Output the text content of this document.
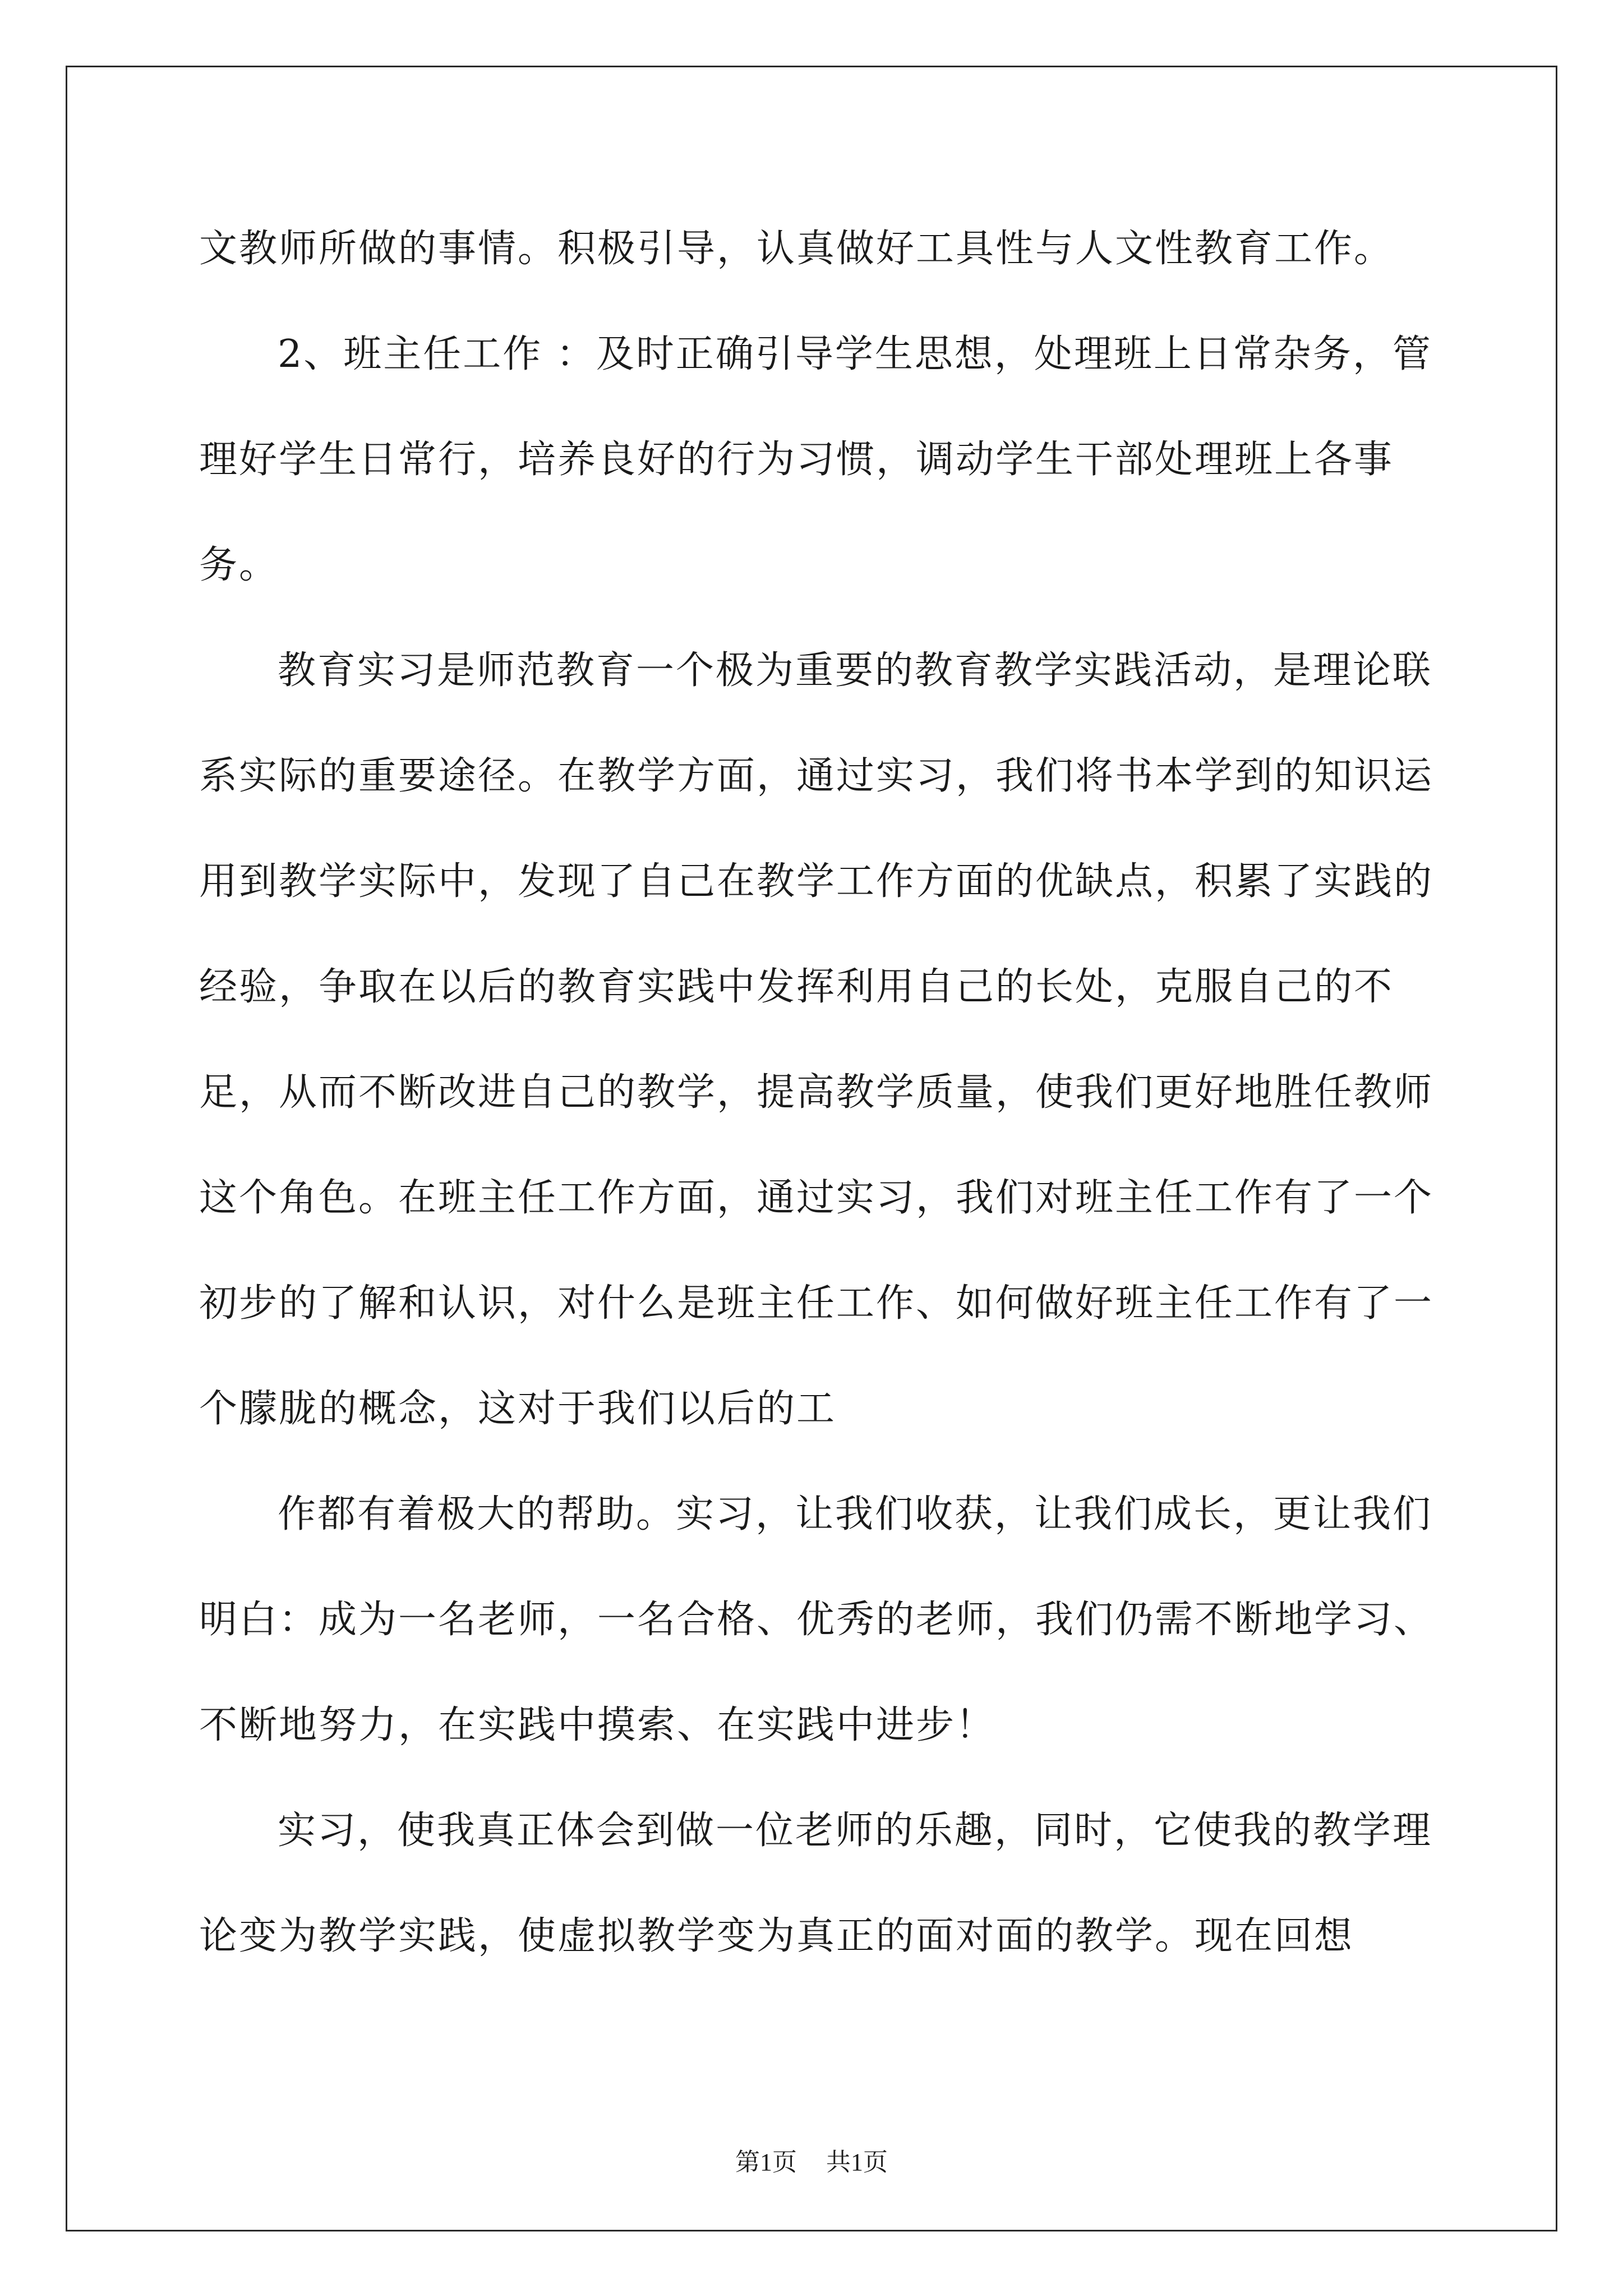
文教师所做的事情。积极引导，认真做好工具性与人文性教育工作。

2、班主任工作 ：及时正确引导学生思想，处理班上日常杂务，管理好学生日常行，培养良好的行为习惯，调动学生干部处理班上各事务。

教育实习是师范教育一个极为重要的教育教学实践活动，是理论联系实际的重要途径。在教学方面，通过实习，我们将书本学到的知识运用到教学实际中，发现了自己在教学工作方面的优缺点，积累了实践的经验，争取在以后的教育实践中发挥利用自己的长处，克服自己的不足，从而不断改进自己的教学，提高教学质量，使我们更好地胜任教师这个角色。在班主任工作方面，通过实习，我们对班主任工作有了一个初步的了解和认识，对什么是班主任工作、如何做好班主任工作有了一个朦胧的概念，这对于我们以后的工

作都有着极大的帮助。实习，让我们收获，让我们成长，更让我们明白：成为一名老师，一名合格、优秀的老师，我们仍需不断地学习、不断地努力，在实践中摸索、在实践中进步！

实习，使我真正体会到做一位老师的乐趣，同时，它使我的教学理论变为教学实践，使虚拟教学变为真正的面对面的教学。现在回想

第1页 共1页
